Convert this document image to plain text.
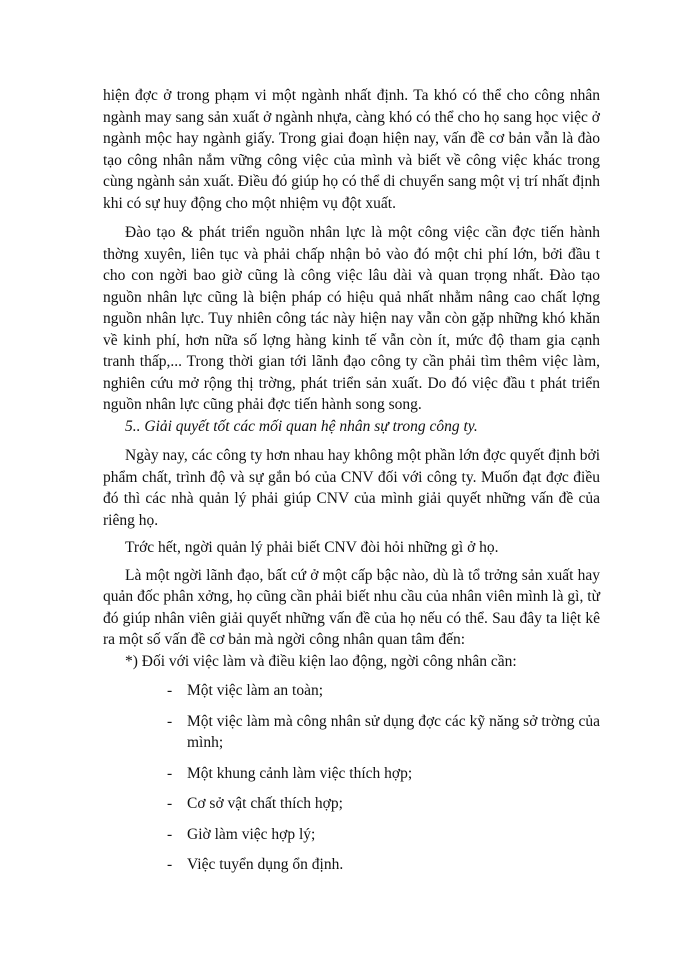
hiện đợc ở trong phạm vi một ngành nhất định. Ta khó có thể cho công nhân ngành may sang sản xuất ở ngành nhựa, càng khó có thể cho họ sang học việc ở ngành mộc hay ngành giấy. Trong giai đoạn hiện nay, vấn đề cơ bản vẫn là đào tạo công nhân nắm vững công việc của mình và biết về công việc khác trong cùng ngành sản xuất. Điều đó giúp họ có thể di chuyển sang một vị trí nhất định khi có sự huy động cho một nhiệm vụ đột xuất.

Đào tạo & phát triển nguồn nhân lực là một công việc cần đợc tiến hành thờng xuyên, liên tục và phải chấp nhận bỏ vào đó một chi phí lớn, bởi đầu t cho con ngời bao giờ cũng là công việc lâu dài và quan trọng nhất. Đào tạo nguồn nhân lực cũng là biện pháp có hiệu quả nhất nhằm nâng cao chất lợng nguồn nhân lực. Tuy nhiên công tác này hiện nay vẫn còn gặp những khó khăn về kinh phí, hơn nữa số lợng hàng kinh tế vẫn còn ít, mức độ tham gia cạnh tranh thấp,... Trong thời gian tới lãnh đạo công ty cần phải tìm thêm việc làm, nghiên cứu mở rộng thị trờng, phát triển sản xuất. Do đó việc đầu t phát triển nguồn nhân lực cũng phải đợc tiến hành song song.

5.. Giải quyết tốt các mối quan hệ nhân sự trong công ty.

Ngày nay, các công ty hơn nhau hay không một phần lớn đợc quyết định bởi phẩm chất, trình độ và sự gắn bó của CNV đối với công ty. Muốn đạt đợc điều đó thì các nhà quản lý phải giúp CNV của mình giải quyết những vấn đề của riêng họ.

Trớc hết, ngời quản lý phải biết CNV đòi hỏi những gì ở họ.

Là một ngời lãnh đạo, bất cứ ở một cấp bậc nào, dù là tổ trởng sản xuất hay quản đốc phân xởng, họ cũng cần phải biết nhu cầu của nhân viên mình là gì, từ đó giúp nhân viên giải quyết những vấn đề của họ nếu có thể. Sau đây ta liệt kê ra một số vấn đề cơ bản mà ngời công nhân quan tâm đến:

*) Đối với việc làm và điều kiện lao động, ngời công nhân cần:

- Một việc làm an toàn;
- Một việc làm mà công nhân sử dụng đợc các kỹ năng sở trờng của mình;
- Một khung cảnh làm việc thích hợp;
- Cơ sở vật chất thích hợp;
- Giờ làm việc hợp lý;
- Việc tuyển dụng ổn định.
